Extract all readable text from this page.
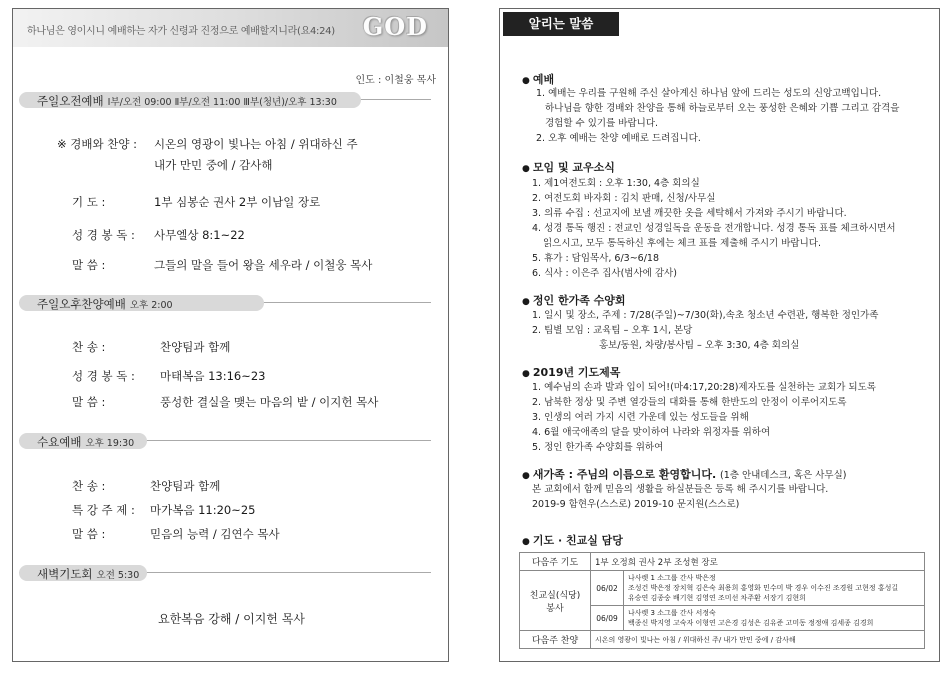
하나님은 영이시니 예배하는 자가 신령과 진정으로 예배할지니라(요4:24) GOD
인도 : 이철웅 목사
주일오전예배 Ⅰ부/오전 09:00 Ⅱ부/오전 11:00 Ⅲ부(청년)/오후 13:30
※ 경배와 찬양 : 시온의 영광이 빛나는 아침 / 위대하신 주
내가 만민 중에 / 감사해
기 도 :	1부 심봉순 권사 2부 이남일 장로
성 경 봉 독 : 사무엘상 8:1~22
말 씀 :	그들의 말을 들어 왕을 세우라 / 이철웅 목사
주일오후찬양예배 오후 2:00
찬 송 :	찬양팀과 함께
성 경 봉 독 : 마태복음 13:16~23
말 씀 :	풍성한 결실을 맺는 마음의 밭 / 이지헌 목사
수요예배 오후 19:30
찬 송 :	찬양팀과 함께
특 강 주 제 : 마가복음 11:20~25
말 씀 :	믿음의 능력 / 김연수 목사
새벽기도회 오전 5:30
요한복음 강해 / 이지헌 목사
알리는 말씀
● 예배
1. 예배는 우리를 구원해 주신 살아계신 하나님 앞에 드리는 성도의 신앙고백입니다.
하나님을 향한 경배와 찬양을 통해 하늘로부터 오는 풍성한 은혜와 기쁨 그리고 감격을
경험할 수 있기를 바랍니다.
2. 오후 예배는 찬양 예배로 드려집니다.
● 모임 및 교우소식
1. 제1여전도회 : 오후 1:30, 4층 회의실
2. 여전도회 바자회 : 김치 판매, 신청/사무실
3. 의류 수집 : 선교지에 보낼 깨끗한 옷을 세탁해서 가져와 주시기 바랍니다.
4. 성경 통독 행진 : 전교인 성경일독을 운동을 전개합니다. 성경 통독 표를 체크하시면서
읽으시고, 모두 통독하신 후에는 체크 표를 제출해 주시기 바랍니다.
5. 휴가 : 담임목사, 6/3~6/18
6. 식사 : 이은주 집사(범사에 감사)
● 정인 한가족 수양회
1. 일시 및 장소, 주제 : 7/28(주일)~7/30(화),속초 청소년 수련관, 행복한 정인가족
2. 팀별 모임 : 교육팀 – 오후 1시, 본당
홍보/동원, 차량/봉사팀 – 오후 3:30, 4층 회의실
● 2019년 기도제목
1. 예수님의 손과 발과 입이 되어!(마4:17,20:28)제자도를 실천하는 교회가 되도록
2. 남북한 정상 및 주변 열강들의 대화를 통해 한반도의 안정이 이루어지도록
3. 인생의 여러 가지 시련 가운데 있는 성도들을 위해
4. 6월 애국애족의 달을 맞이하여 나라와 위정자를 위하여
5. 정인 한가족 수양회를 위하여
● 새가족 : 주님의 이름으로 환영합니다. (1층 안내데스크, 혹은 사무실)
본 교회에서 함께 믿음의 생활을 하실분들은 등록 해 주시기를 바랍니다.
2019-9 함현우(스스로) 2019-10 문지원(스스로)
● 기도 · 친교실 담당
다음주 기도	1부 오정희 권사 2부 조성현 장로	
친교실(식당) 봉사	06/02	나사렛 1 소그룹 간사 박은정
조성건 박은정 장치혁 김은숙 최용희 홍영화 민수미 박 경우 이수진 조경원 고현정 홍성길
유승연 김종숭 배기현 김영연 조미선 차주환 서장기 김현희

	06/09	나사렛 3 소그룹 간사 서정숙
백종신 박지영 고숙자 이형연 고은경 김성은 김유준 고미동 정정애 김세종 김경희

다음주 찬양	시온의 영광이 빛나는 아침 / 위대하신 주/ 내가 만민 중에 / 감사해	
